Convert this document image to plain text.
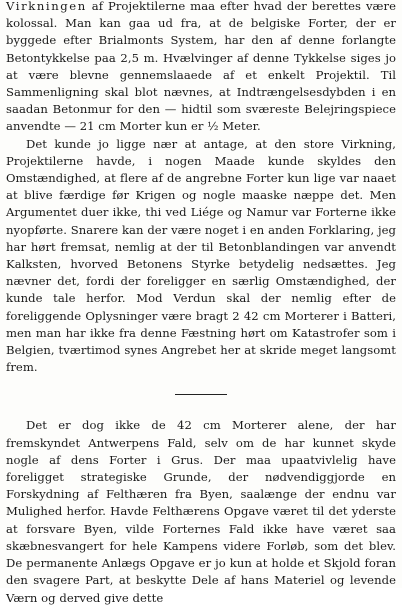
Virkningen af Projektilerne maa efter hvad der berettes være kolossal. Man kan gaa ud fra, at de belgiske Forter, der er byggede efter Brialmonts System, har den af denne forlangte Betontykkelse paa 2,5 m. Hvælvinger af denne Tykkelse siges jo at være blevne gennemslaaede af et enkelt Projektil. Til Sammenligning skal blot nævnes, at Indtrængelsesdybden i en saadan Betonmur for den — hidtil som sværeste Belejringspiece anvendte — 21 cm Morter kun er ½ Meter.

Det kunde jo ligge nær at antage, at den store Virkning, Projektilerne havde, i nogen Maade kunde skyldes den Omstændighed, at flere af de angrebne Forter kun lige var naaet at blive færdige før Krigen og nogle maaske næppe det. Men Argumentet duer ikke, thi ved Liége og Namur var Forterne ikke nyopførte. Snarere kan der være noget i en anden Forklaring, jeg har hørt fremsat, nemlig at der til Betonblandingen var anvendt Kalksten, hvorved Betonens Styrke betydelig nedsættes. Jeg nævner det, fordi der foreligger en særlig Omstændighed, der kunde tale herfor. Mod Verdun skal der nemlig efter de foreliggende Oplysninger være bragt 2 42 cm Morterer i Batteri, men man har ikke fra denne Fæstning hørt om Katastrofer som i Belgien, tværtimod synes Angrebet her at skride meget langsomt frem.

Det er dog ikke de 42 cm Morterer alene, der har fremskyndet Antwerpens Fald, selv om de har kunnet skyde nogle af dens Forter i Grus. Der maa upaatvivlelig have foreligget strategiske Grunde, der nødvendiggjorde en Forskydning af Felthæren fra Byen, saalænge der endnu var Mulighed herfor. Havde Felthærens Opgave været til det yderste at forsvare Byen, vilde Forternes Fald ikke have været saa skæbnesvangert for hele Kampens videre Forløb, som det blev. De permanente Anlægs Opgave er jo kun at holde et Skjold foran den svagere Part, at beskytte Dele af hans Materiel og levende Værn og derved give dette
